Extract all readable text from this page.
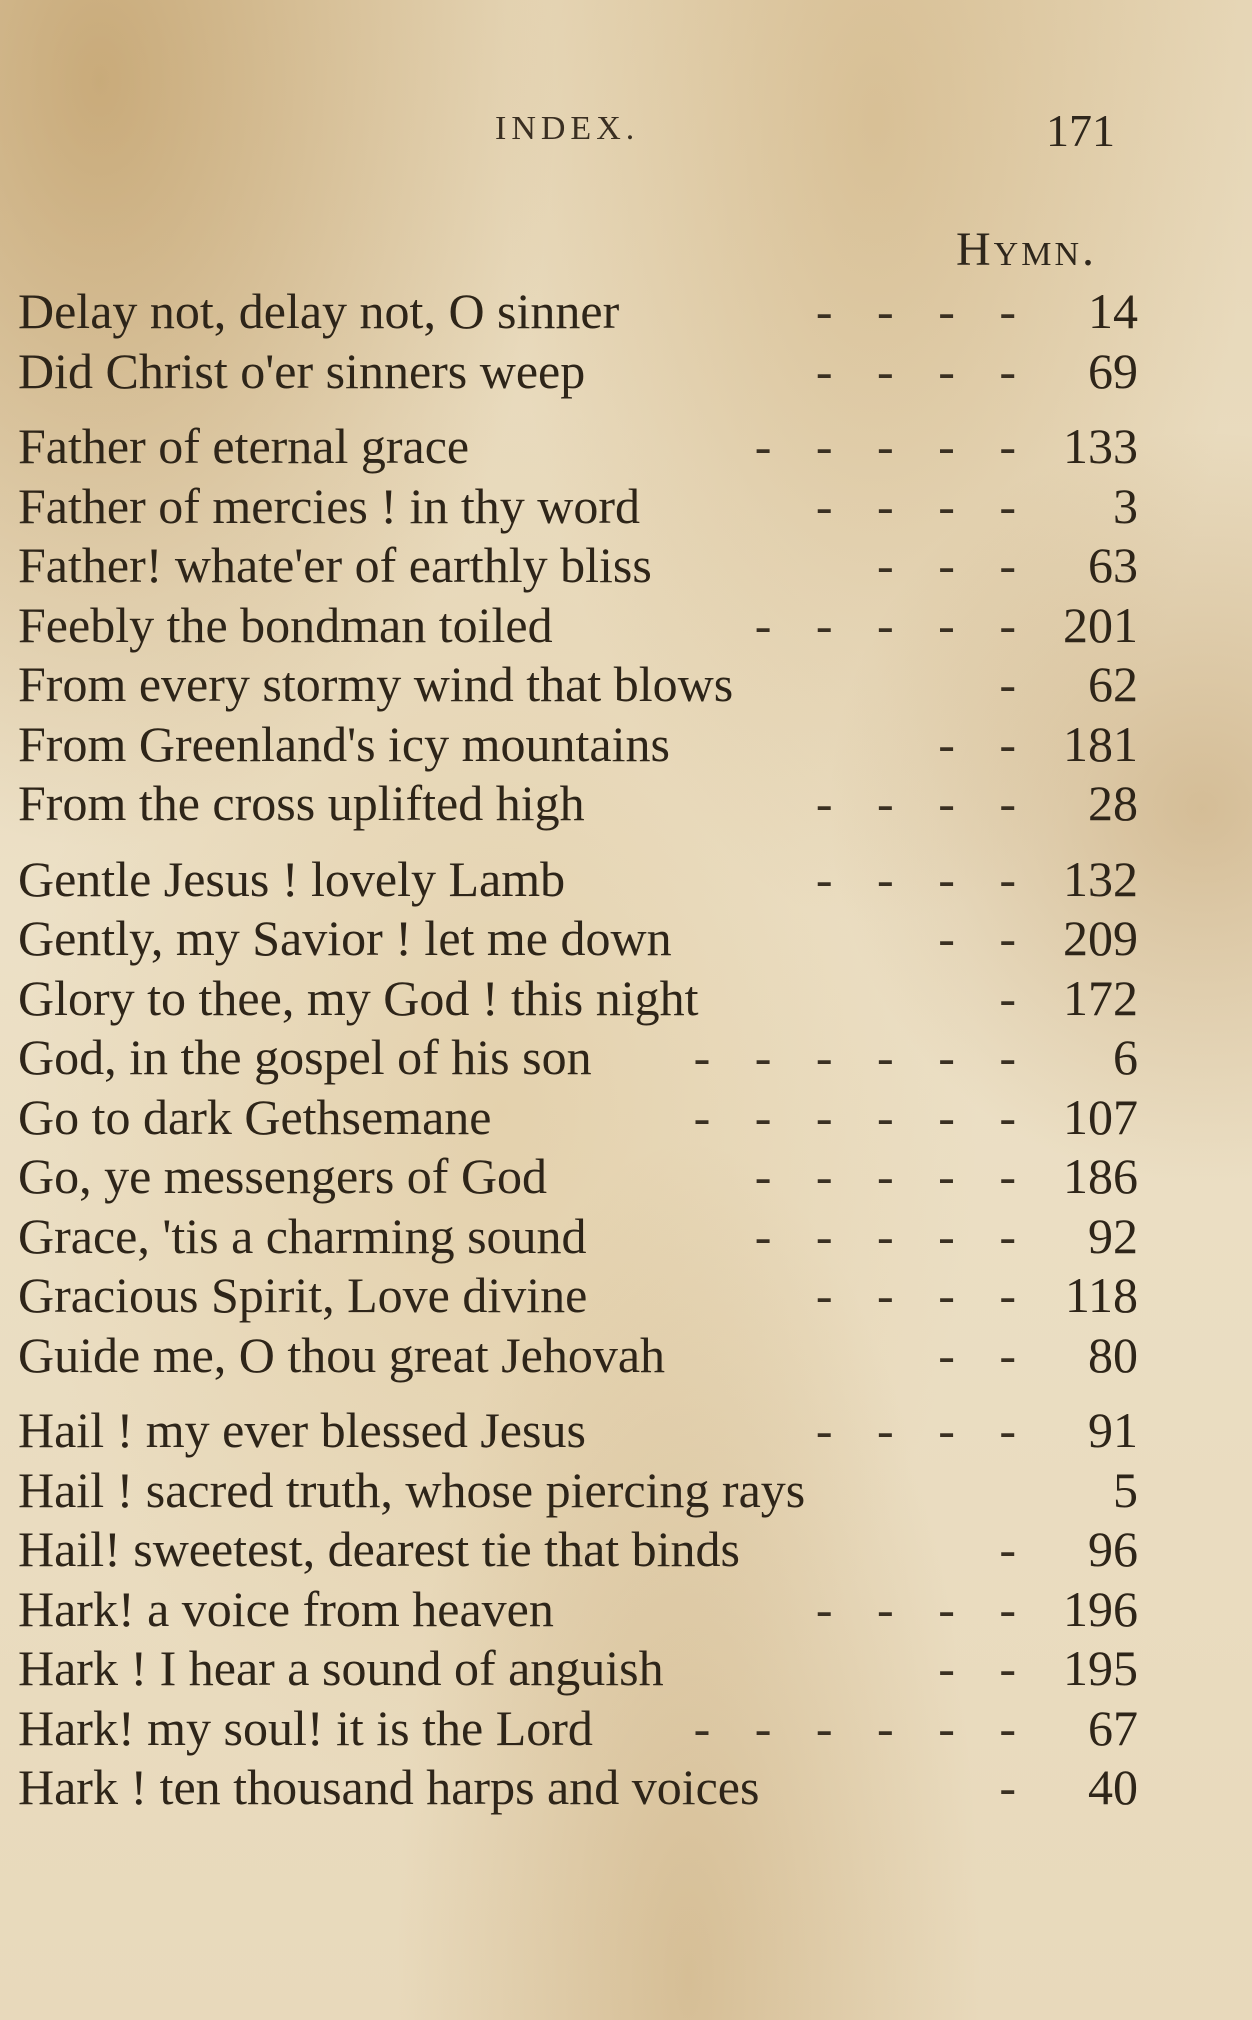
INDEX.	171
Hymn.
Delay not, delay not, O sinner	- - - -	14
Did Christ o'er sinners weep	- - - -	69
Father of eternal grace	- - - - - 133
Father of mercies ! in thy word	- - - -	3
Father! whate'er of earthly bliss	- - -	63
Feebly the bondman toiled	- - - - - 201
From every stormy wind that blows	-	62
From Greenland's icy mountains	- - 181
From the cross uplifted high	- - - -	28
Gentle Jesus ! lovely Lamb	- - - - 132
Gently, my Savior ! let me down	- - 209
Glory to thee, my God ! this night	- 172
God, in the gospel of his son	- - - - - -	6
Go to dark Gethsemane	- - - - - - 107
Go, ye messengers of God	- - - - - 186
Grace, 'tis a charming sound	- - - - -	92
Gracious Spirit, Love divine	- - - - 118
Guide me, O thou great Jehovah	- -	80
Hail ! my ever blessed Jesus	- - - -	91
Hail ! sacred truth, whose piercing rays	5
Hail! sweetest, dearest tie that binds	-	96
Hark! a voice from heaven	- - - - 196
Hark ! I hear a sound of anguish	- - 195
Hark! my soul! it is the Lord	- - - - - -	67
Hark ! ten thousand harps and voices	-	40
